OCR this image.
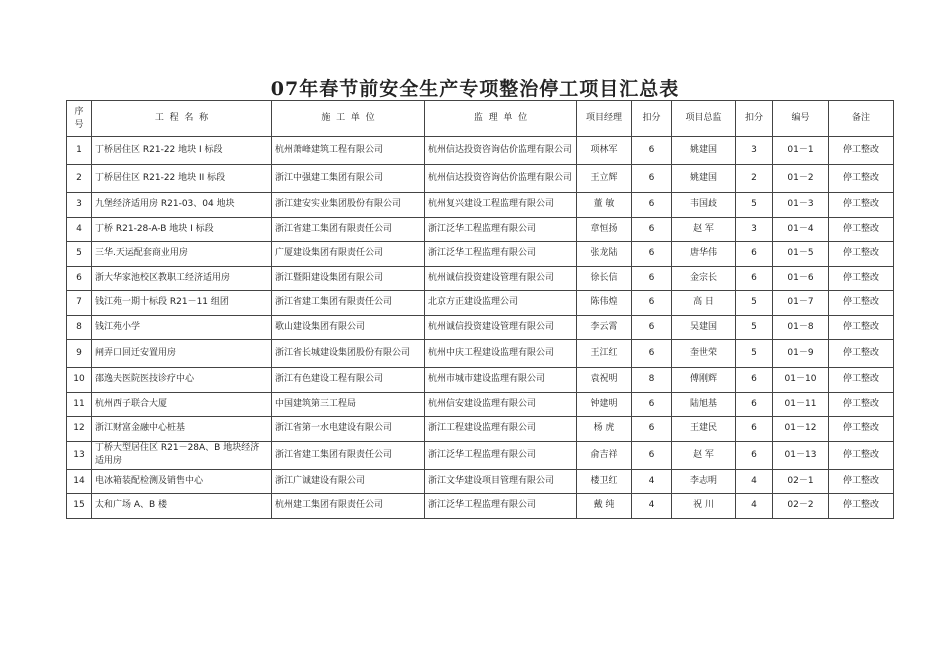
07年春节前安全生产专项整治停工项目汇总表
序
号	工  程  名  称	施  工  单  位	监  理  单  位	项目经理	扣分	项目总监	扣分	编号	备注
1	丁桥居住区 R21-22 地块 I 标段	杭州萧峰建筑工程有限公司	杭州信达投资咨询估价监理有限公司	项林军	6	姚建国	3	01－1	停工整改
2	丁桥居住区 R21-22 地块 II 标段	浙江中强建工集团有限公司	杭州信达投资咨询估价监理有限公司	王立辉	6	姚建国	2	01－2	停工整改
3	九堡经济适用房 R21-03、04 地块	浙江建安实业集团股份有限公司	杭州复兴建设工程监理有限公司	董 敏	6	韦国歧	5	01－3	停工整改
4	丁桥 R21-28-A-B 地块 I 标段	浙江省建工集团有限责任公司	浙江泛华工程监理有限公司	章恒扬	6	赵 军	3	01－4	停工整改
5	三华.天运配套商业用房	广厦建设集团有限责任公司	浙江泛华工程监理有限公司	张龙陆	6	唐华伟	6	01－5	停工整改
6	浙大华家池校区教职工经济适用房	浙江暨阳建设集团有限公司	杭州诚信投资建设管理有限公司	徐长信	6	金宗长	6	01－6	停工整改
7	钱江苑一期十标段 R21－11 组团	浙江省建工集团有限责任公司	北京方正建设监理公司	陈伟煌	6	高 日	5	01－7	停工整改
8	钱江苑小学	歌山建设集团有限公司	杭州诚信投资建设管理有限公司	李云霄	6	吴建国	5	01－8	停工整改
9	闸弄口回迁安置用房	浙江省长城建设集团股份有限公司	杭州中庆工程建设监理有限公司	王江红	6	奎世荣	5	01－9	停工整改
10	邵逸夫医院医技诊疗中心	浙江有色建设工程有限公司	杭州市城市建设监理有限公司	袁祝明	8	傅刚辉	6	01－10	停工整改
11	杭州西子联合大厦	中国建筑第三工程局	杭州信安建设监理有限公司	钟建明	6	陆旭基	6	01－11	停工整改
12	浙江财富金融中心桩基	浙江省第一水电建设有限公司	浙江工程建设监理有限公司	杨 虎	6	王建民	6	01－12	停工整改
13	丁桥大型居住区 R21－28A、B 地块经济适用房	浙江省建工集团有限责任公司	浙江泛华工程监理有限公司	俞吉祥	6	赵 军	6	01－13	停工整改
14	电冰箱装配检测及销售中心	浙江广诚建设有限公司	浙江文华建设项目管理有限公司	楼卫红	4	李志明	4	02－1	停工整改
15	太和广场 A、B 楼	杭州建工集团有限责任公司	浙江泛华工程监理有限公司	戴 纯	4	祝 川	4	02－2	停工整改
